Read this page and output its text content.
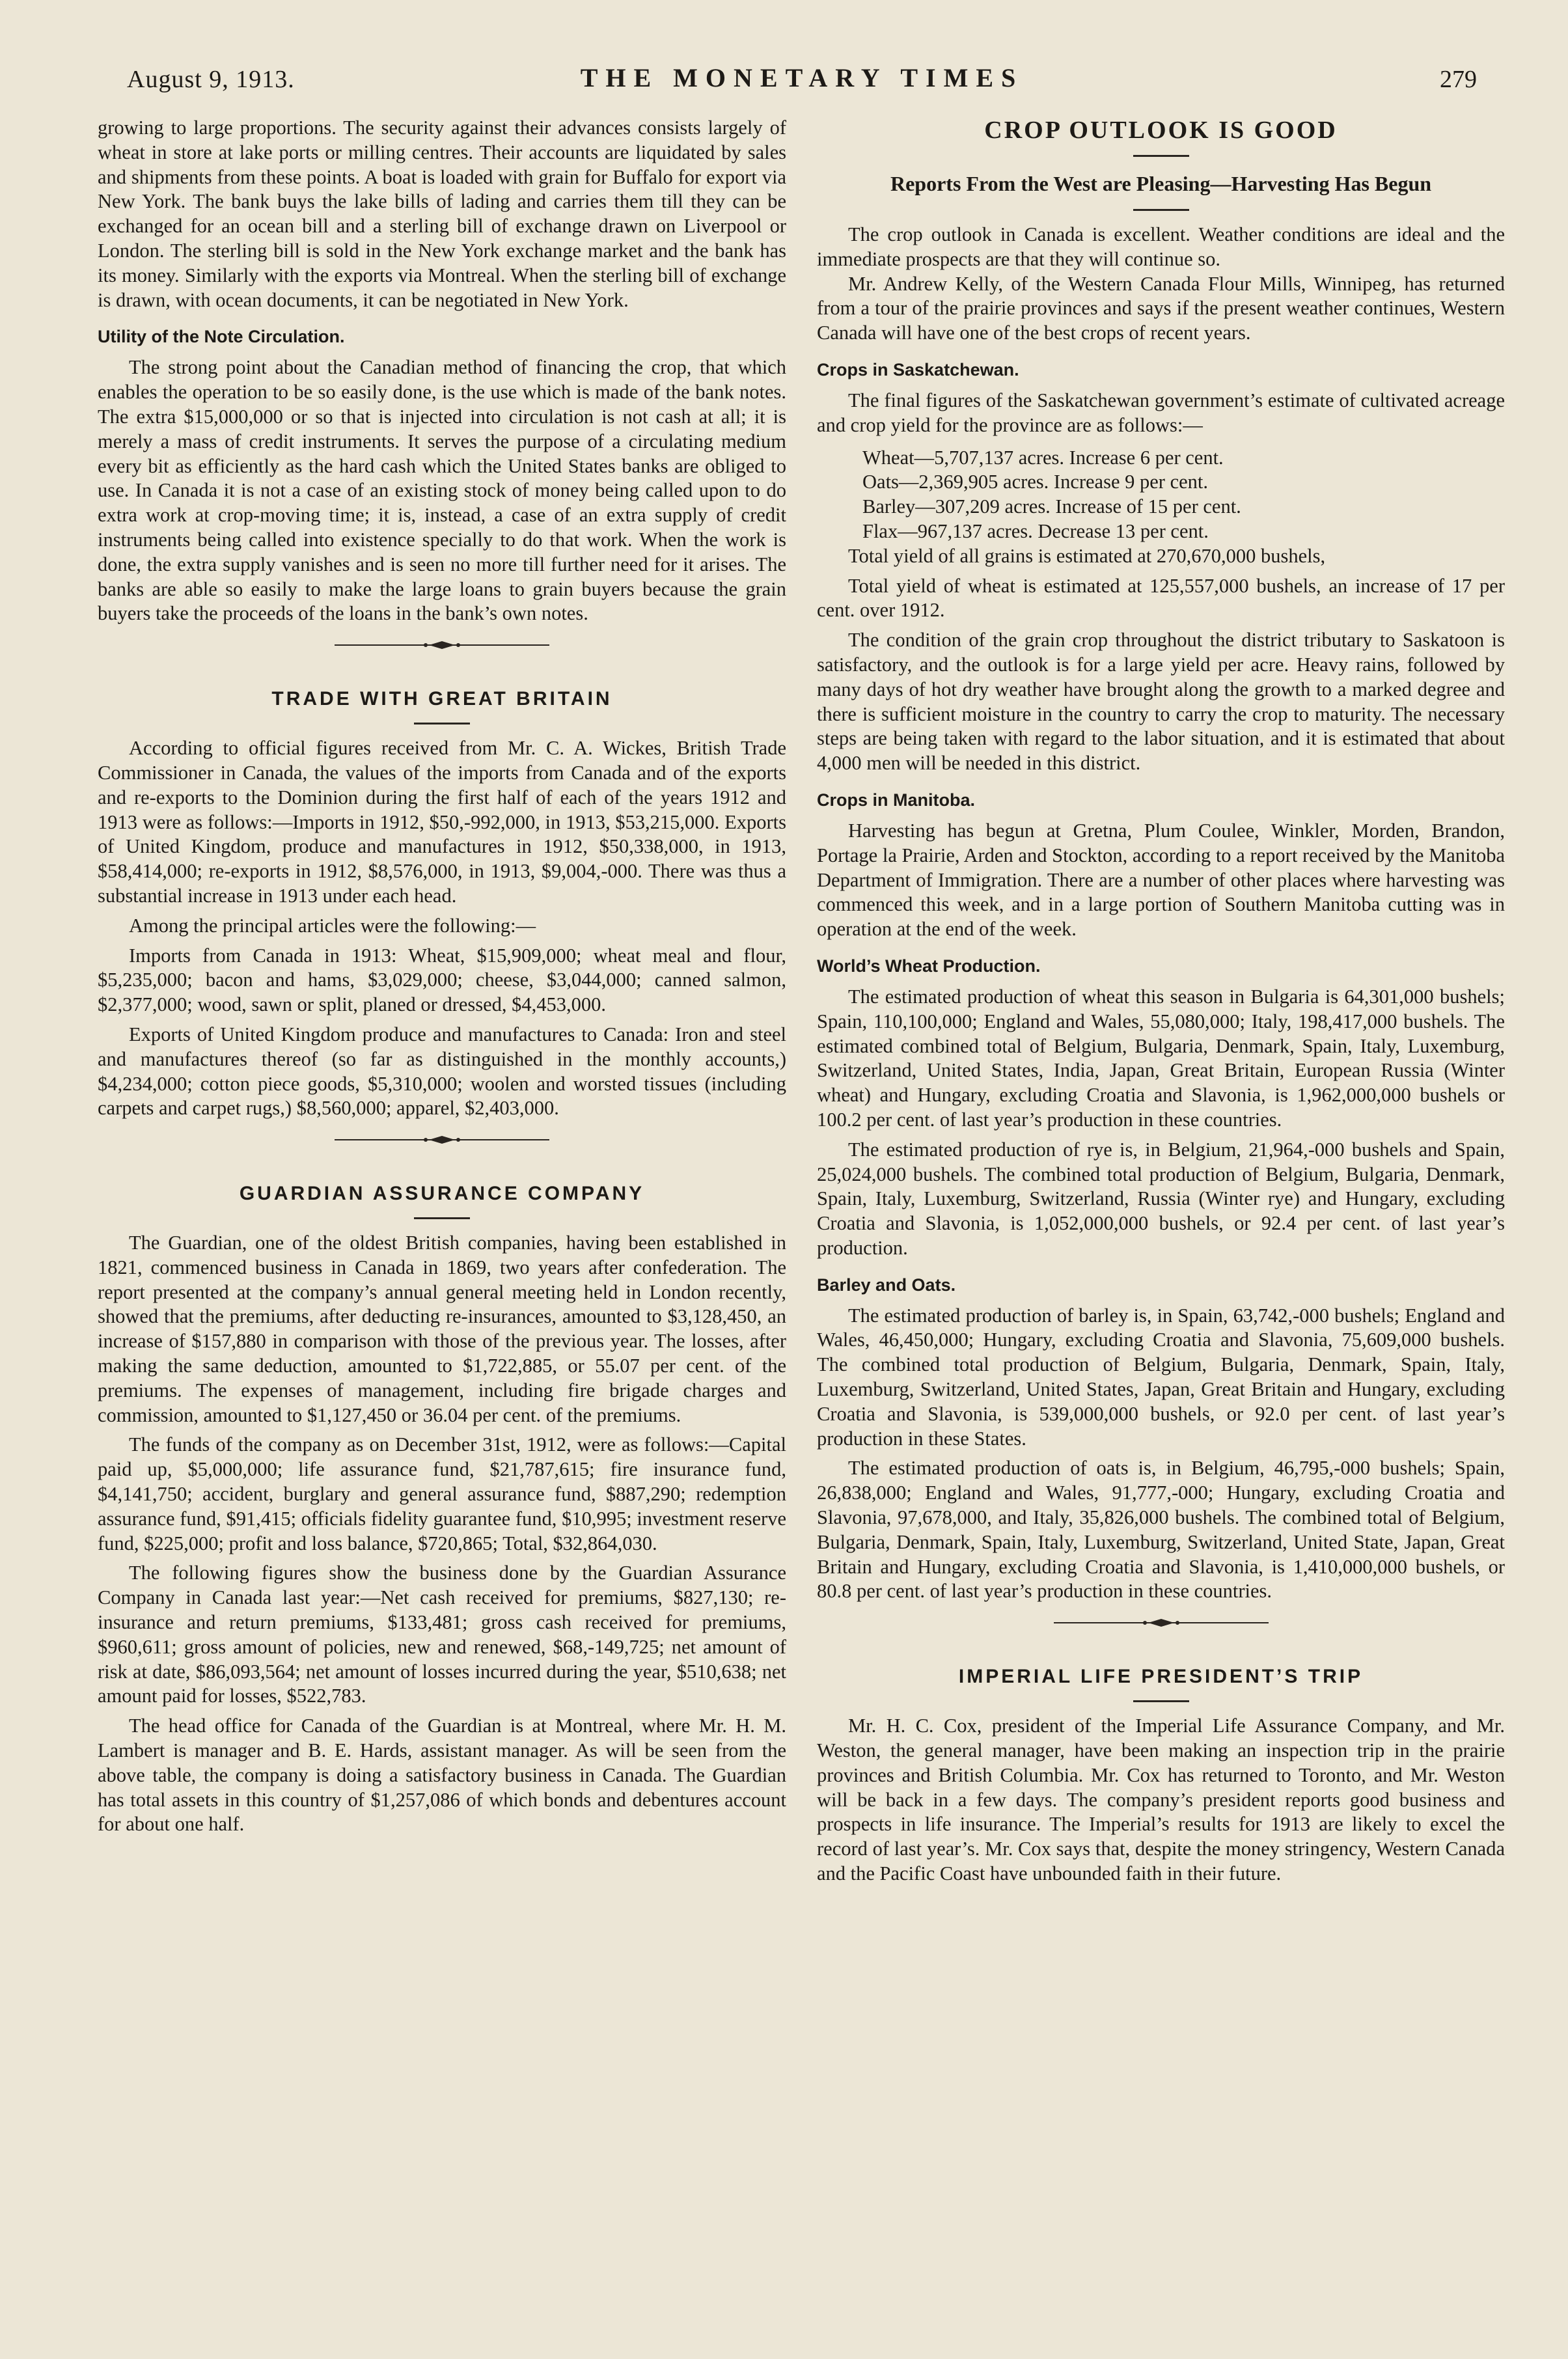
August 9, 1913.	THE MONETARY TIMES	279

growing to large proportions. The security against their advances consists largely of wheat in store at lake ports or milling centres. Their accounts are liquidated by sales and shipments from these points. A boat is loaded with grain for Buffalo for export via New York. The bank buys the lake bills of lading and carries them till they can be exchanged for an ocean bill and a sterling bill of exchange drawn on Liverpool or London. The sterling bill is sold in the New York exchange market and the bank has its money. Similarly with the exports via Montreal. When the sterling bill of exchange is drawn, with ocean documents, it can be negotiated in New York.

Utility of the Note Circulation.

The strong point about the Canadian method of financing the crop, that which enables the operation to be so easily done, is the use which is made of the bank notes. The extra $15,000,000 or so that is injected into circulation is not cash at all; it is merely a mass of credit instruments. It serves the purpose of a circulating medium every bit as efficiently as the hard cash which the United States banks are obliged to use. In Canada it is not a case of an existing stock of money being called upon to do extra work at crop-moving time; it is, instead, a case of an extra supply of credit instruments being called into existence specially to do that work. When the work is done, the extra supply vanishes and is seen no more till further need for it arises. The banks are able so easily to make the large loans to grain buyers because the grain buyers take the proceeds of the loans in the bank’s own notes.

TRADE WITH GREAT BRITAIN

According to official figures received from Mr. C. A. Wickes, British Trade Commissioner in Canada, the values of the imports from Canada and of the exports and re-exports to the Dominion during the first half of each of the years 1912 and 1913 were as follows:—Imports in 1912, $50,-992,000, in 1913, $53,215,000. Exports of United Kingdom, produce and manufactures in 1912, $50,338,000, in 1913, $58,414,000; re-exports in 1912, $8,576,000, in 1913, $9,004,-000. There was thus a substantial increase in 1913 under each head.

Among the principal articles were the following:—

Imports from Canada in 1913: Wheat, $15,909,000; wheat meal and flour, $5,235,000; bacon and hams, $3,029,000; cheese, $3,044,000; canned salmon, $2,377,000; wood, sawn or split, planed or dressed, $4,453,000.

Exports of United Kingdom produce and manufactures to Canada: Iron and steel and manufactures thereof (so far as distinguished in the monthly accounts,) $4,234,000; cotton piece goods, $5,310,000; woolen and worsted tissues (including carpets and carpet rugs,) $8,560,000; apparel, $2,403,000.

GUARDIAN ASSURANCE COMPANY

The Guardian, one of the oldest British companies, having been established in 1821, commenced business in Canada in 1869, two years after confederation. The report presented at the company’s annual general meeting held in London recently, showed that the premiums, after deducting re-insurances, amounted to $3,128,450, an increase of $157,880 in comparison with those of the previous year. The losses, after making the same deduction, amounted to $1,722,885, or 55.07 per cent. of the premiums. The expenses of management, including fire brigade charges and commission, amounted to $1,127,450 or 36.04 per cent. of the premiums.

The funds of the company as on December 31st, 1912, were as follows:—Capital paid up, $5,000,000; life assurance fund, $21,787,615; fire insurance fund, $4,141,750; accident, burglary and general assurance fund, $887,290; redemption assurance fund, $91,415; officials fidelity guarantee fund, $10,995; investment reserve fund, $225,000; profit and loss balance, $720,865; Total, $32,864,030.

The following figures show the business done by the Guardian Assurance Company in Canada last year:—Net cash received for premiums, $827,130; re-insurance and return premiums, $133,481; gross cash received for premiums, $960,611; gross amount of policies, new and renewed, $68,-149,725; net amount of risk at date, $86,093,564; net amount of losses incurred during the year, $510,638; net amount paid for losses, $522,783.

The head office for Canada of the Guardian is at Montreal, where Mr. H. M. Lambert is manager and B. E. Hards, assistant manager. As will be seen from the above table, the company is doing a satisfactory business in Canada. The Guardian has total assets in this country of $1,257,086 of which bonds and debentures account for about one half.

CROP OUTLOOK IS GOOD
Reports From the West are Pleasing—Harvesting Has Begun

The crop outlook in Canada is excellent. Weather conditions are ideal and the immediate prospects are that they will continue so.

Mr. Andrew Kelly, of the Western Canada Flour Mills, Winnipeg, has returned from a tour of the prairie provinces and says if the present weather continues, Western Canada will have one of the best crops of recent years.

Crops in Saskatchewan.

The final figures of the Saskatchewan government’s estimate of cultivated acreage and crop yield for the province are as follows:—

Wheat—5,707,137 acres. Increase 6 per cent.

Oats—2,369,905 acres. Increase 9 per cent.

Barley—307,209 acres. Increase of 15 per cent.

Flax—967,137 acres. Decrease 13 per cent.

Total yield of all grains is estimated at 270,670,000 bushels,

Total yield of wheat is estimated at 125,557,000 bushels, an increase of 17 per cent. over 1912.

The condition of the grain crop throughout the district tributary to Saskatoon is satisfactory, and the outlook is for a large yield per acre. Heavy rains, followed by many days of hot dry weather have brought along the growth to a marked degree and there is sufficient moisture in the country to carry the crop to maturity. The necessary steps are being taken with regard to the labor situation, and it is estimated that about 4,000 men will be needed in this district.

Crops in Manitoba.

Harvesting has begun at Gretna, Plum Coulee, Winkler, Morden, Brandon, Portage la Prairie, Arden and Stockton, according to a report received by the Manitoba Department of Immigration. There are a number of other places where harvesting was commenced this week, and in a large portion of Southern Manitoba cutting was in operation at the end of the week.

World’s Wheat Production.

The estimated production of wheat this season in Bulgaria is 64,301,000 bushels; Spain, 110,100,000; England and Wales, 55,080,000; Italy, 198,417,000 bushels. The estimated combined total of Belgium, Bulgaria, Denmark, Spain, Italy, Luxemburg, Switzerland, United States, India, Japan, Great Britain, European Russia (Winter wheat) and Hungary, excluding Croatia and Slavonia, is 1,962,000,000 bushels or 100.2 per cent. of last year’s production in these countries.

The estimated production of rye is, in Belgium, 21,964,-000 bushels and Spain, 25,024,000 bushels. The combined total production of Belgium, Bulgaria, Denmark, Spain, Italy, Luxemburg, Switzerland, Russia (Winter rye) and Hungary, excluding Croatia and Slavonia, is 1,052,000,000 bushels, or 92.4 per cent. of last year’s production.

Barley and Oats.

The estimated production of barley is, in Spain, 63,742,-000 bushels; England and Wales, 46,450,000; Hungary, excluding Croatia and Slavonia, 75,609,000 bushels. The combined total production of Belgium, Bulgaria, Denmark, Spain, Italy, Luxemburg, Switzerland, United States, Japan, Great Britain and Hungary, excluding Croatia and Slavonia, is 539,000,000 bushels, or 92.0 per cent. of last year’s production in these States.

The estimated production of oats is, in Belgium, 46,795,-000 bushels; Spain, 26,838,000; England and Wales, 91,777,-000; Hungary, excluding Croatia and Slavonia, 97,678,000, and Italy, 35,826,000 bushels. The combined total of Belgium, Bulgaria, Denmark, Spain, Italy, Luxemburg, Switzerland, United State, Japan, Great Britain and Hungary, excluding Croatia and Slavonia, is 1,410,000,000 bushels, or 80.8 per cent. of last year’s production in these countries.

IMPERIAL LIFE PRESIDENT’S TRIP

Mr. H. C. Cox, president of the Imperial Life Assurance Company, and Mr. Weston, the general manager, have been making an inspection trip in the prairie provinces and British Columbia. Mr. Cox has returned to Toronto, and Mr. Weston will be back in a few days. The company’s president reports good business and prospects in life insurance. The Imperial’s results for 1913 are likely to excel the record of last year’s. Mr. Cox says that, despite the money stringency, Western Canada and the Pacific Coast have unbounded faith in their future.
